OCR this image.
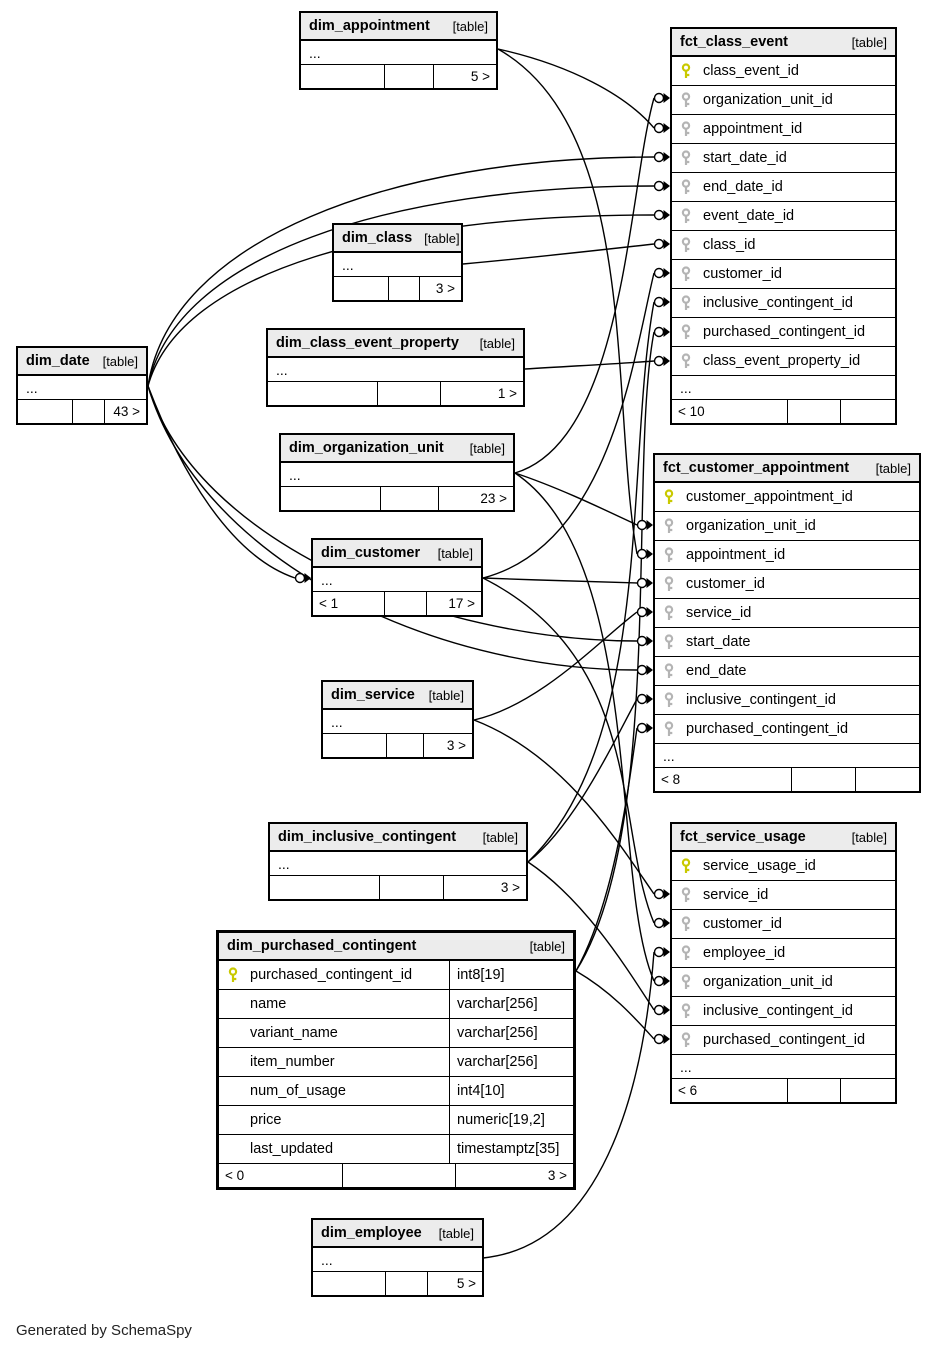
dim_appointment [table]
...
5 >
fct_class_event	[table]
class_event_id
organization_unit_id
appointment_id
start_date_id
end_date_id
event_date_id
class_id
customer_id
inclusive_contingent_id
purchased_contingent_id
class_event_property_id
...
< 10
dim_class [table]
...
3 >
dim_class_event_property [table]
...
1 >
dim_date [table]
...
43 >
dim_organization_unit [table]
...
23 >
dim_customer [table]
...
< 1	17 >
fct_customer_appointment [table]
customer_appointment_id
organization_unit_id
appointment_id
customer_id
service_id
start_date
end_date
inclusive_contingent_id
purchased_contingent_id
...
< 8
dim_service [table]
...
3 >
dim_inclusive_contingent [table]
...
3 >
fct_service_usage	[table]
service_usage_id
service_id
customer_id
employee_id
organization_unit_id
inclusive_contingent_id
purchased_contingent_id
...
< 6
dim_purchased_contingent	[table]
purchased_contingent_id	int8[19]
name	varchar[256]
variant_name	varchar[256]
item_number	varchar[256]
num_of_usage	int4[10]
price	numeric[19,2]
last_updated	timestamptz[35]
< 0	3 >
dim_employee [table]
...
5 >
Generated by SchemaSpy
